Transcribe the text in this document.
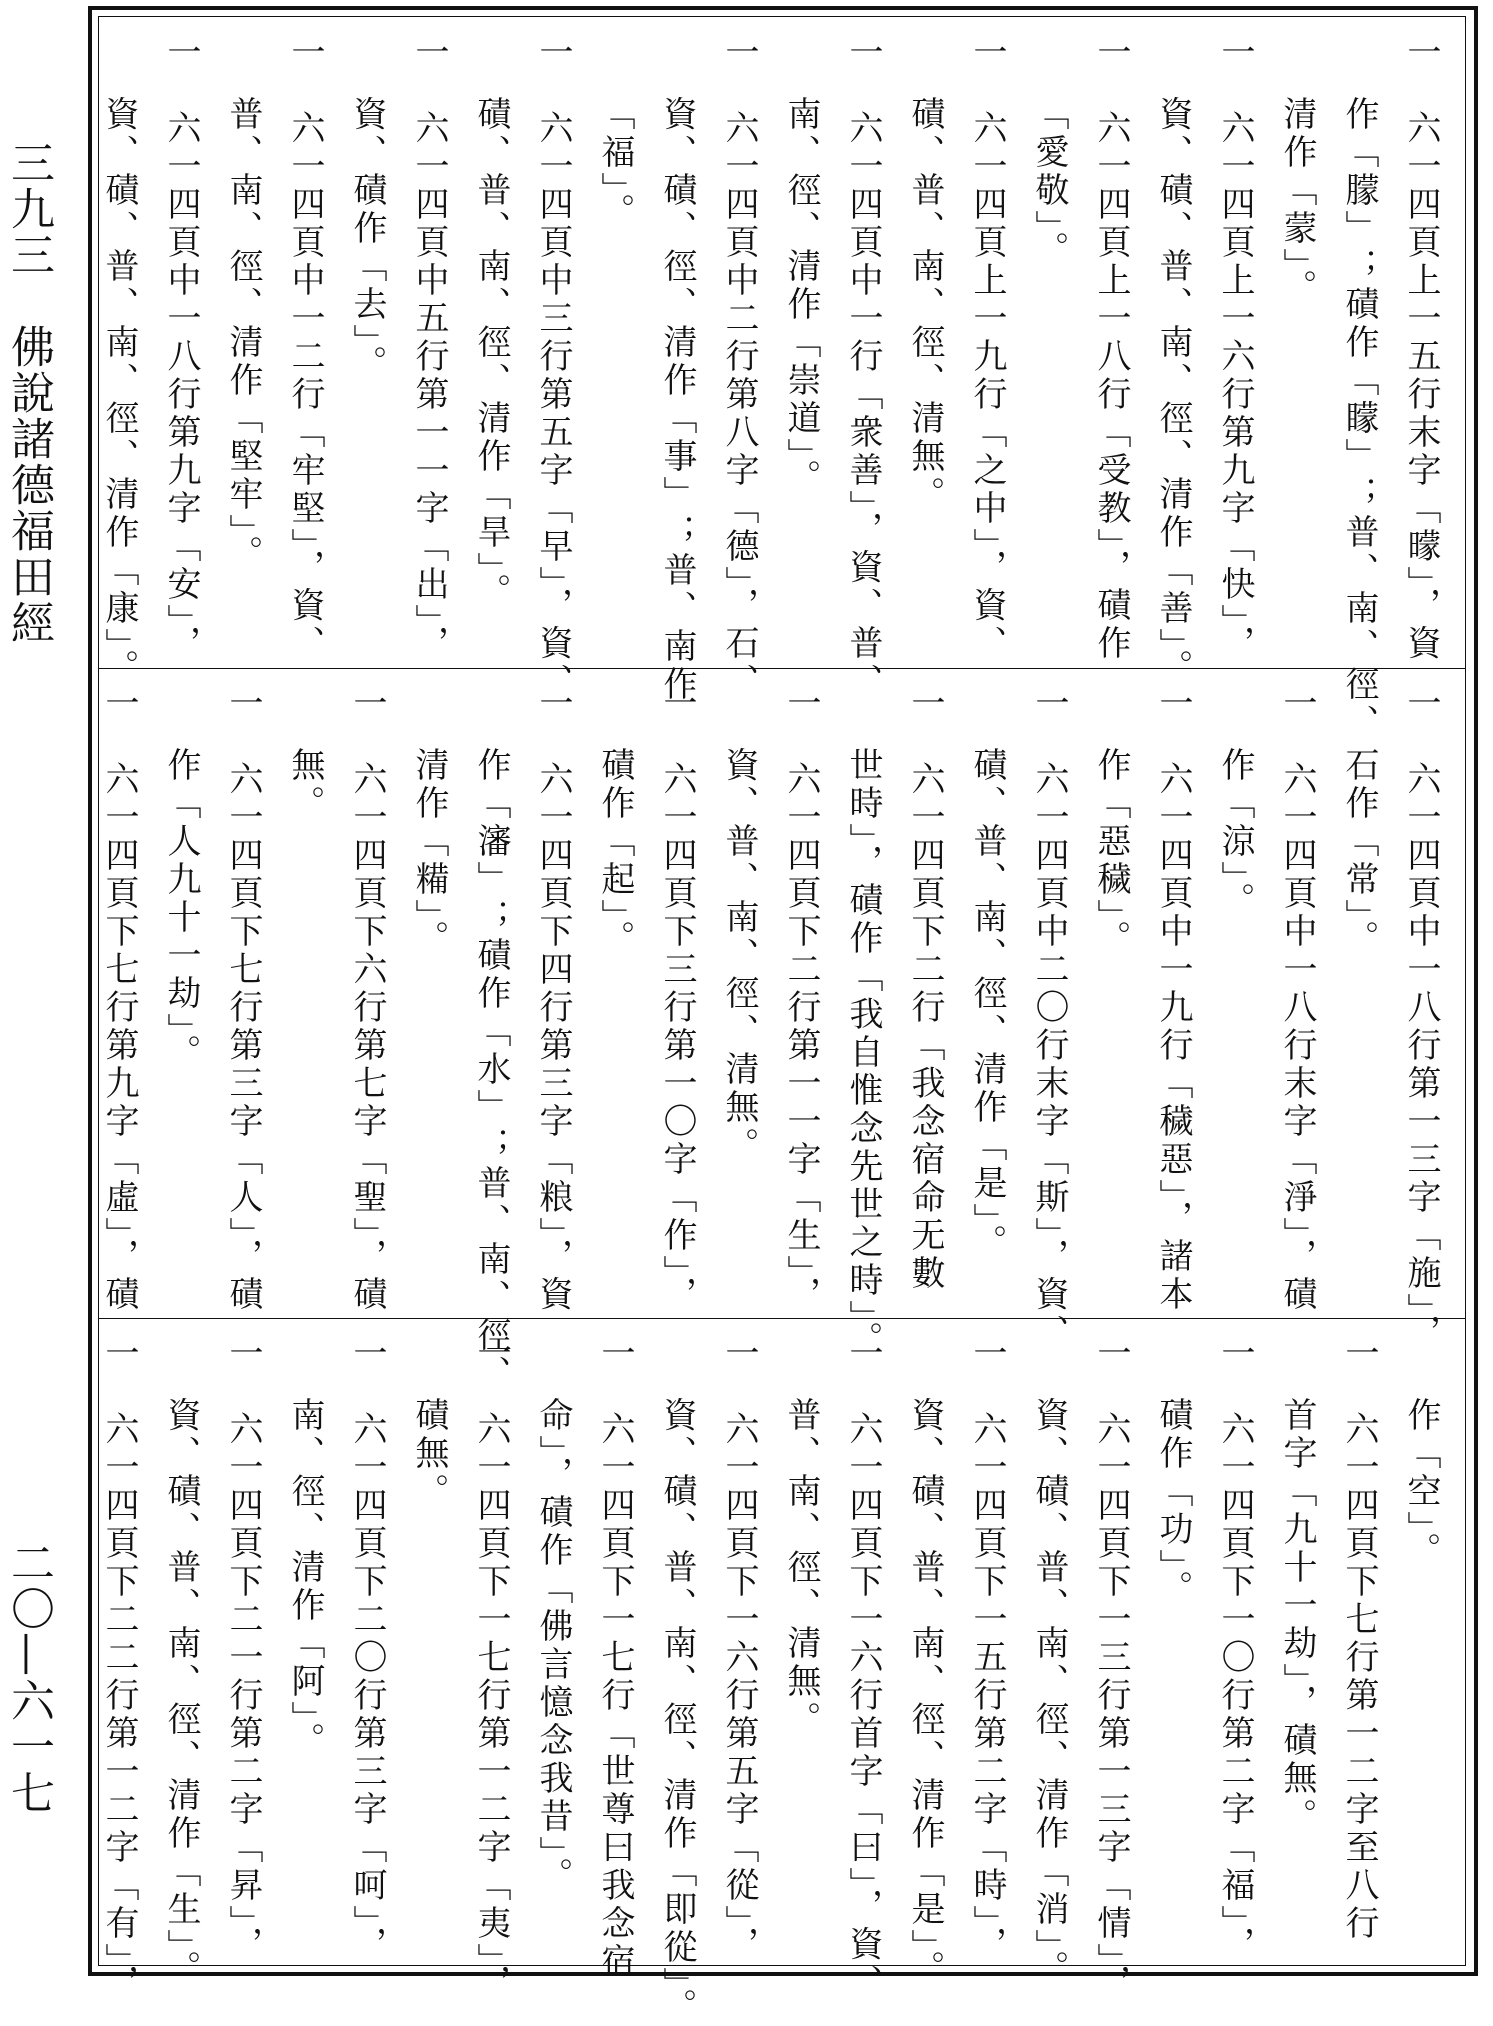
三九三　佛說諸德福田經
二〇—六一七
一　六一四頁上一五行末字「曚」，資
作「朦」；磧作「矇」；普、南、徑、
清作「蒙」。
一　六一四頁上一六行第九字「快」，
資、磧、普、南、徑、清作「善」。
一　六一四頁上一八行「受教」，磧作
「愛敬」。
一　六一四頁上一九行「之中」，資、
磧、普、南、徑、清無。
一　六一四頁中一行「衆善」，資、普、
南、徑、清作「崇道」。
一　六一四頁中二行第八字「德」，石、
資、磧、徑、清作「事」；普、南作
「福」。
一　六一四頁中三行第五字「早」，資、
磧、普、南、徑、清作「旱」。
一　六一四頁中五行第一一字「出」，
資、磧作「去」。
一　六一四頁中一二行「牢堅」，資、
普、南、徑、清作「堅牢」。
一　六一四頁中一八行第九字「安」，
資、磧、普、南、徑、清作「康」。
一　六一四頁中一八行第一三字「施」，
石作「常」。
一　六一四頁中一八行末字「淨」，磧
作「涼」。
一　六一四頁中一九行「穢惡」，諸本
作「惡穢」。
一　六一四頁中二〇行末字「斯」，資、
磧、普、南、徑、清作「是」。
一　六一四頁下二行「我念宿命无數
世時」，磧作「我自惟念先世之時」。
一　六一四頁下二行第一一字「生」，
資、普、南、徑、清無。
一　六一四頁下三行第一〇字「作」，
磧作「起」。
一　六一四頁下四行第三字「粮」，資
作「瀋」；磧作「水」；普、南、徑、
清作「糒」。
一　六一四頁下六行第七字「聖」，磧
無。
一　六一四頁下七行第三字「人」，磧
作「人九十一劫」。
一　六一四頁下七行第九字「虛」，磧
作「空」。
一　六一四頁下七行第一二字至八行
首字「九十一劫」，磧無。
一　六一四頁下一〇行第二字「福」，
磧作「功」。
一　六一四頁下一三行第一三字「情」，
資、磧、普、南、徑、清作「消」。
一　六一四頁下一五行第二字「時」，
資、磧、普、南、徑、清作「是」。
一　六一四頁下一六行首字「曰」，資、
普、南、徑、清無。
一　六一四頁下一六行第五字「從」，
資、磧、普、南、徑、清作「即從」。
一　六一四頁下一七行「世尊曰我念宿
命」，磧作「佛言憶念我昔」。
一　六一四頁下一七行第一二字「夷」，
磧無。
一　六一四頁下二〇行第三字「呵」，
南、徑、清作「阿」。
一　六一四頁下二一行第二字「昇」，
資、磧、普、南、徑、清作「生」。
一　六一四頁下二二行第一二字「有」，
